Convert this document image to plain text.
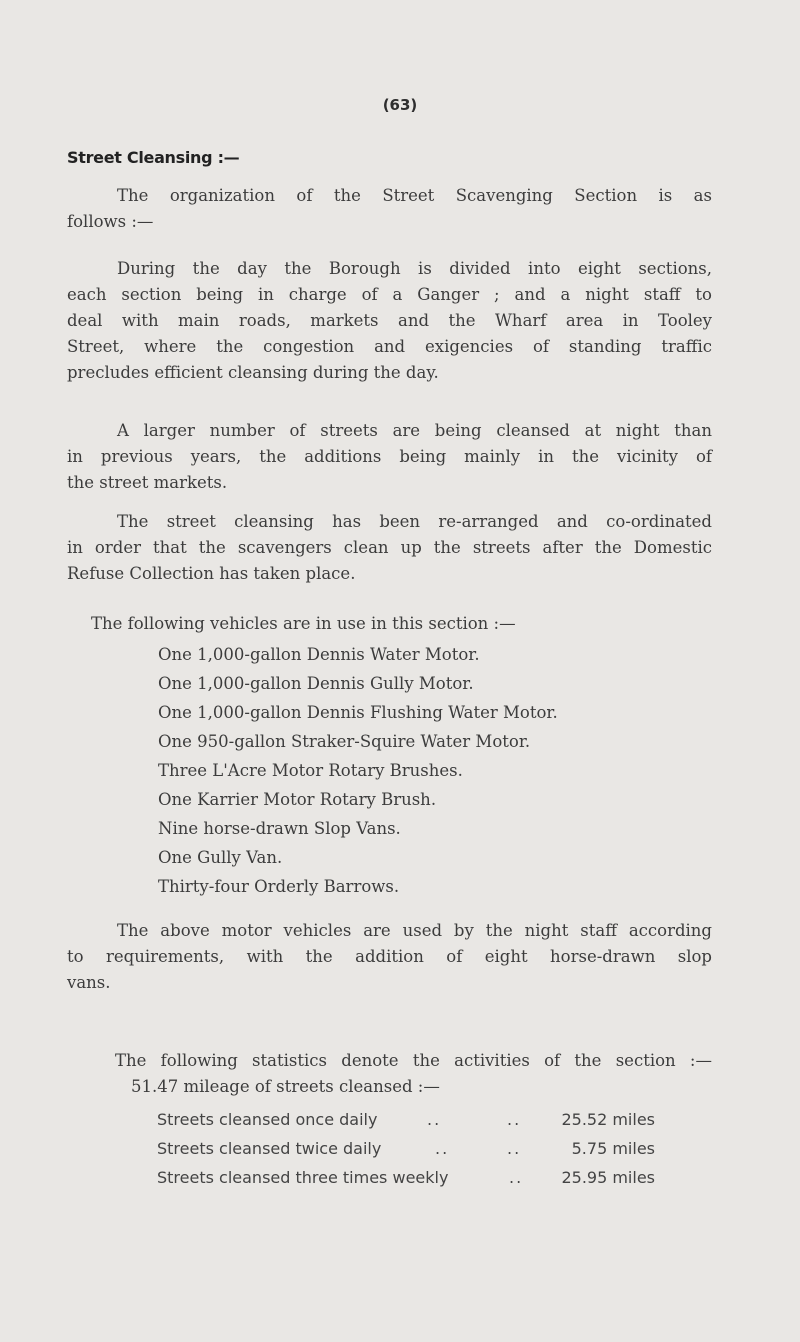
(63)
Street Cleansing :—

The organization of the Street Scavenging Section is as
follows :—

During the day the Borough is divided into eight sections,
each section being in charge of a Ganger ; and a night staff to
deal with main roads, markets and the Wharf area in Tooley
Street, where the congestion and exigencies of standing traffic
precludes efficient cleansing during the day.

A larger number of streets are being cleansed at night than
in previous years, the additions being mainly in the vicinity of
the street markets.

The street cleansing has been re-arranged and co-ordinated
in order that the scavengers clean up the streets after the Domestic
Refuse Collection has taken place.

The following vehicles are in use in this section :—

One 1,000-gallon Dennis Water Motor.
One 1,000-gallon Dennis Gully Motor.
One 1,000-gallon Dennis Flushing Water Motor.
One 950-gallon Straker-Squire Water Motor.
Three L'Acre Motor Rotary Brushes.
One Karrier Motor Rotary Brush.
Nine horse-drawn Slop Vans.
One Gully Van.
Thirty-four Orderly Barrows.

The above motor vehicles are used by the night staff according
to requirements, with the addition of eight horse-drawn slop
vans.

The following statistics denote the activities of the section :—
51.47 mileage of streets cleansed :—

Streets cleansed once daily	..	..	25.52 miles
Streets cleansed twice daily	..	..	5.75 miles
Streets cleansed three times weekly	.. 25.95 miles
